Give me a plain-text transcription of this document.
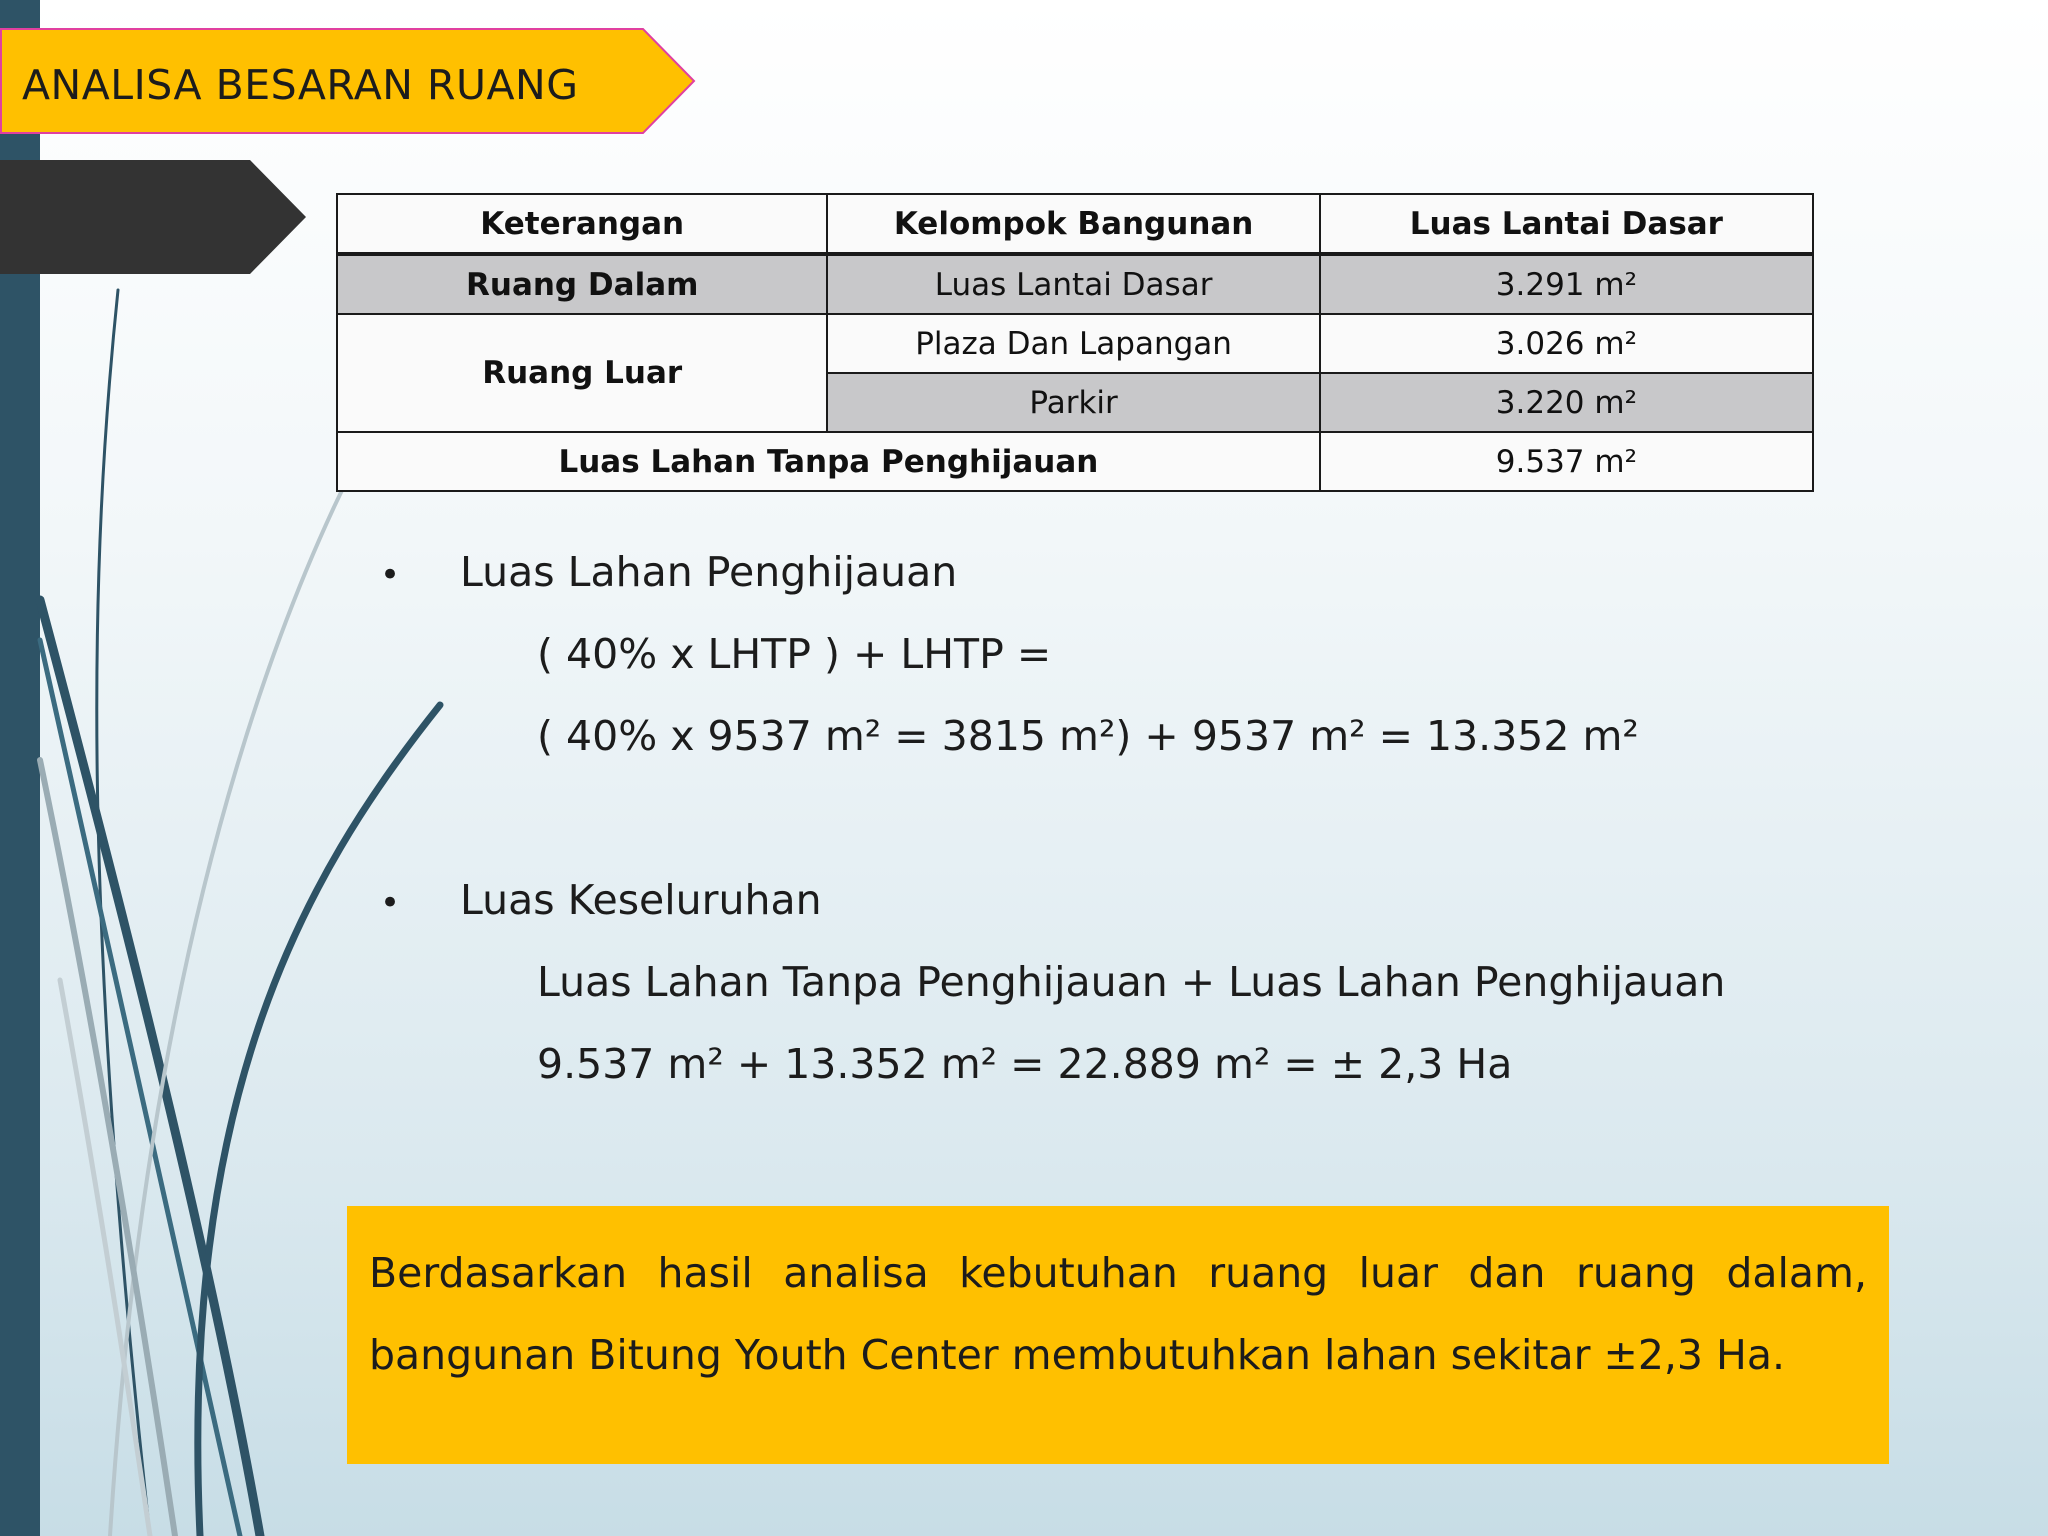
ANALISA BESARAN RUANG
Keterangan	Kelompok Bangunan	Luas Lantai Dasar
Ruang Dalam	Luas Lantai Dasar	3.291 m²
Ruang Luar	Plaza Dan Lapangan	3.026 m²
	Parkir	3.220 m²
Luas Lahan Tanpa Penghijauan		9.537 m²
• Luas Lahan Penghijauan
( 40% x LHTP ) + LHTP =
( 40% x 9537 m² = 3815 m²) + 9537 m² = 13.352 m²
• Luas Keseluruhan
Luas Lahan Tanpa Penghijauan + Luas Lahan Penghijauan
9.537 m² + 13.352 m² = 22.889 m² = ± 2,3 Ha

Berdasarkan hasil analisa kebutuhan ruang luar dan ruang dalam,

bangunan Bitung Youth Center membutuhkan lahan sekitar ±2,3 Ha.
